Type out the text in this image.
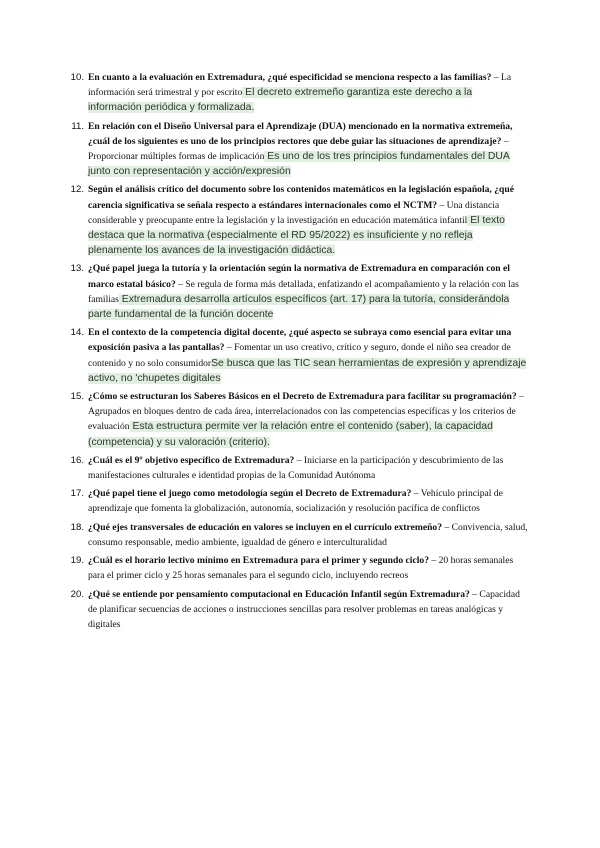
10. En cuanto a la evaluación en Extremadura, ¿qué especificidad se menciona respecto a las familias? – La información será trimestral y por escrito El decreto extremeño garantiza este derecho a la información periódica y formalizada.
11. En relación con el Diseño Universal para el Aprendizaje (DUA) mencionado en la normativa extremeña, ¿cuál de los siguientes es uno de los principios rectores que debe guiar las situaciones de aprendizaje? – Proporcionar múltiples formas de implicación Es uno de los tres principios fundamentales del DUA junto con representación y acción/expresión
12. Según el análisis crítico del documento sobre los contenidos matemáticos en la legislación española, ¿qué carencia significativa se señala respecto a estándares internacionales como el NCTM? – Una distancia considerable y preocupante entre la legislación y la investigación en educación matemática infantil El texto destaca que la normativa (especialmente el RD 95/2022) es insuficiente y no refleja plenamente los avances de la investigación didáctica.
13. ¿Qué papel juega la tutoría y la orientación según la normativa de Extremadura en comparación con el marco estatal básico? – Se regula de forma más detallada, enfatizando el acompañamiento y la relación con las familias Extremadura desarrolla artículos específicos (art. 17) para la tutoría, considerándola parte fundamental de la función docente
14. En el contexto de la competencia digital docente, ¿qué aspecto se subraya como esencial para evitar una exposición pasiva a las pantallas? – Fomentar un uso creativo, crítico y seguro, donde el niño sea creador de contenido y no solo consumidorSe busca que las TIC sean herramientas de expresión y aprendizaje activo, no 'chupetes digitales
15. ¿Cómo se estructuran los Saberes Básicos en el Decreto de Extremadura para facilitar su programación? – Agrupados en bloques dentro de cada área, interrelacionados con las competencias específicas y los criterios de evaluación Esta estructura permite ver la relación entre el contenido (saber), la capacidad (competencia) y su valoración (criterio).
16. ¿Cuál es el 9º objetivo específico de Extremadura? – Iniciarse en la participación y descubrimiento de las manifestaciones culturales e identidad propias de la Comunidad Autónoma
17. ¿Qué papel tiene el juego como metodología según el Decreto de Extremadura? – Vehículo principal de aprendizaje que fomenta la globalización, autonomía, socialización y resolución pacífica de conflictos
18. ¿Qué ejes transversales de educación en valores se incluyen en el currículo extremeño? – Convivencia, salud, consumo responsable, medio ambiente, igualdad de género e interculturalidad
19. ¿Cuál es el horario lectivo mínimo en Extremadura para el primer y segundo ciclo? – 20 horas semanales para el primer ciclo y 25 horas semanales para el segundo ciclo, incluyendo recreos
20. ¿Qué se entiende por pensamiento computacional en Educación Infantil según Extremadura? – Capacidad de planificar secuencias de acciones o instrucciones sencillas para resolver problemas en tareas analógicas y digitales
